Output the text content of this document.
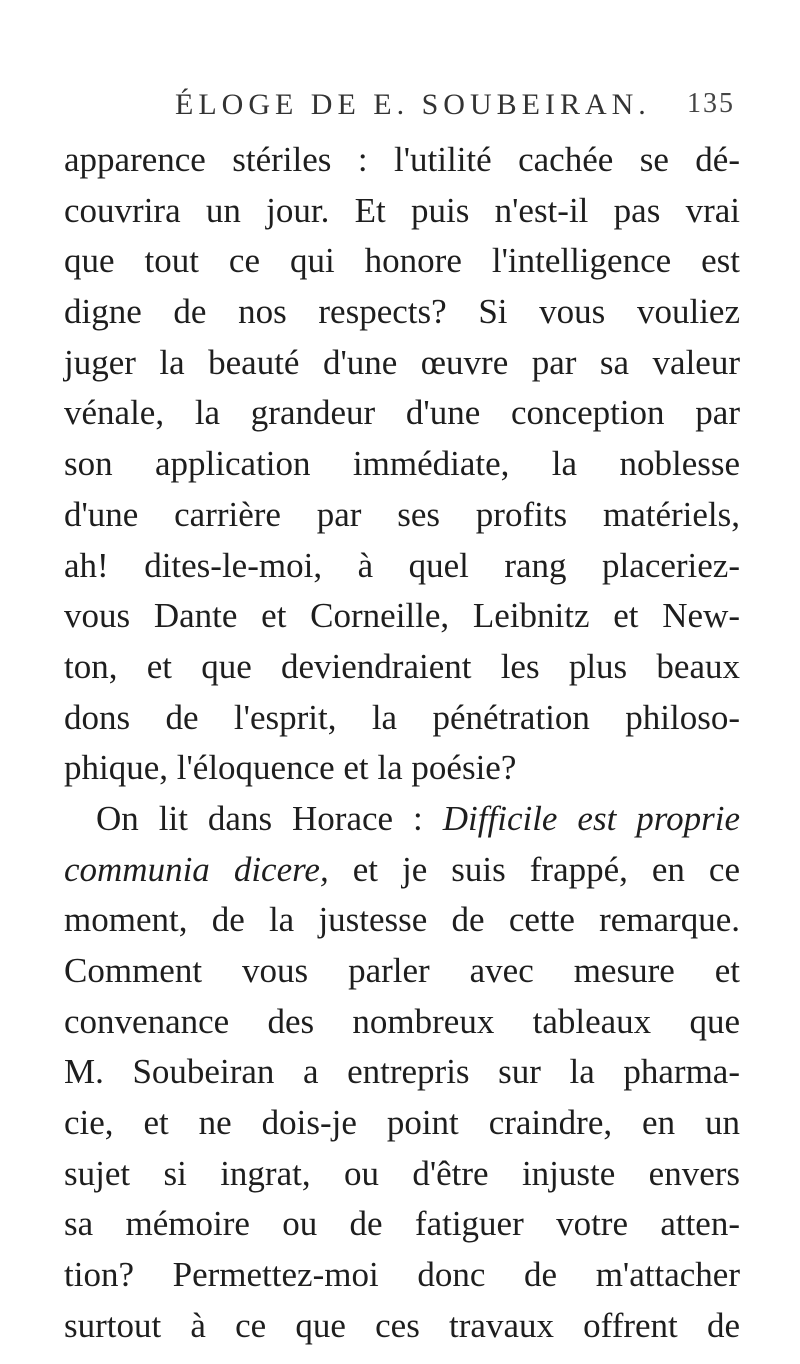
ÉLOGE DE E. SOUBEIRAN. 135
apparence stériles : l'utilité cachée se dé-
couvrira un jour. Et puis n'est-il pas vrai
que tout ce qui honore l'intelligence est
digne de nos respects? Si vous vouliez
juger la beauté d'une œuvre par sa valeur
vénale, la grandeur d'une conception par
son application immédiate, la noblesse
d'une carrière par ses profits matériels,
ah! dites-le-moi, à quel rang placeriez-
vous Dante et Corneille, Leibnitz et New-
ton, et que deviendraient les plus beaux
dons de l'esprit, la pénétration philoso-
phique, l'éloquence et la poésie?
On lit dans Horace : Difficile est proprie
communia dicere, et je suis frappé, en ce
moment, de la justesse de cette remarque.
Comment vous parler avec mesure et
convenance des nombreux tableaux que
M. Soubeiran a entrepris sur la pharma-
cie, et ne dois-je point craindre, en un
sujet si ingrat, ou d'être injuste envers
sa mémoire ou de fatiguer votre atten-
tion? Permettez-moi donc de m'attacher
surtout à ce que ces travaux offrent de
